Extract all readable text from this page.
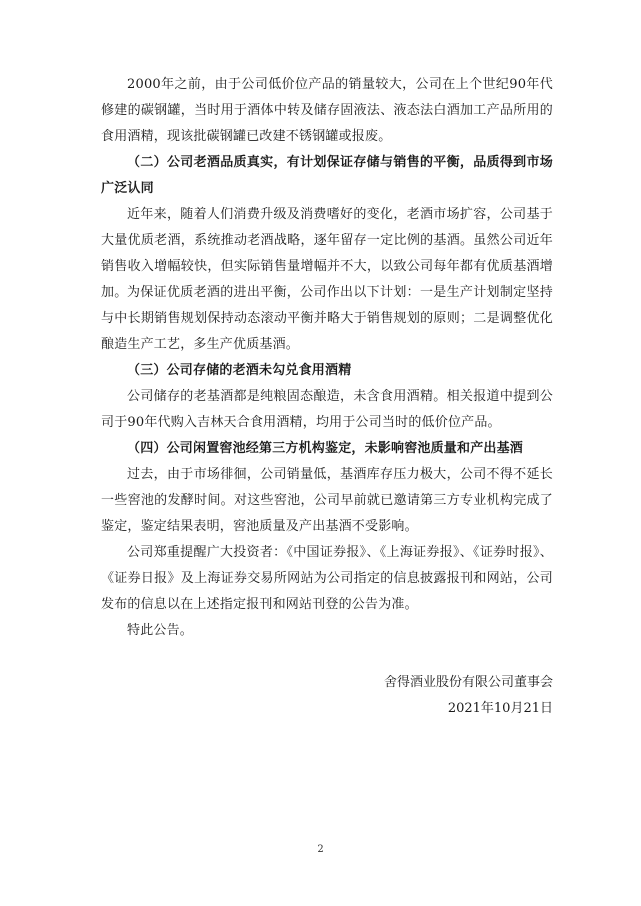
2000年之前，由于公司低价位产品的销量较大，公司在上个世纪90年代修建的碳钢罐，当时用于酒体中转及储存固液法、液态法白酒加工产品所用的食用酒精，现该批碳钢罐已改建不锈钢罐或报废。
（二）公司老酒品质真实，有计划保证存储与销售的平衡，品质得到市场广泛认同
近年来，随着人们消费升级及消费嗜好的变化，老酒市场扩容，公司基于大量优质老酒，系统推动老酒战略，逐年留存一定比例的基酒。虽然公司近年销售收入增幅较快，但实际销售量增幅并不大，以致公司每年都有优质基酒增加。 为保证优质老酒的进出平衡，公司作出以下计划：一是生产计划制定坚持与中长期销售规划保持动态滚动平衡并略大于销售规划的原则；二是调整优化酿造生产工艺，多生产优质基酒。
（三）公司存储的老酒未勾兑食用酒精
公司储存的老基酒都是纯粮固态酿造，未含食用酒精。相关报道中提到公司于90年代购入吉林天合食用酒精，均用于公司当时的低价位产品。
（四）公司闲置窖池经第三方机构鉴定，未影响窖池质量和产出基酒
过去，由于市场徘徊，公司销量低，基酒库存压力极大，公司不得不延长一些窖池的发酵时间。对这些窖池，公司早前就已邀请第三方专业机构完成了鉴定，鉴定结果表明，窖池质量及产出基酒不受影响。
公司郑重提醒广大投资者：《中国证券报》、《上海证券报》、《证券时报》、《证券日报》及上海证券交易所网站为公司指定的信息披露报刊和网站，公司发布的信息以在上述指定报刊和网站刊登的公告为准。
特此公告。
舍得酒业股份有限公司董事会
2021年10月21日
2
